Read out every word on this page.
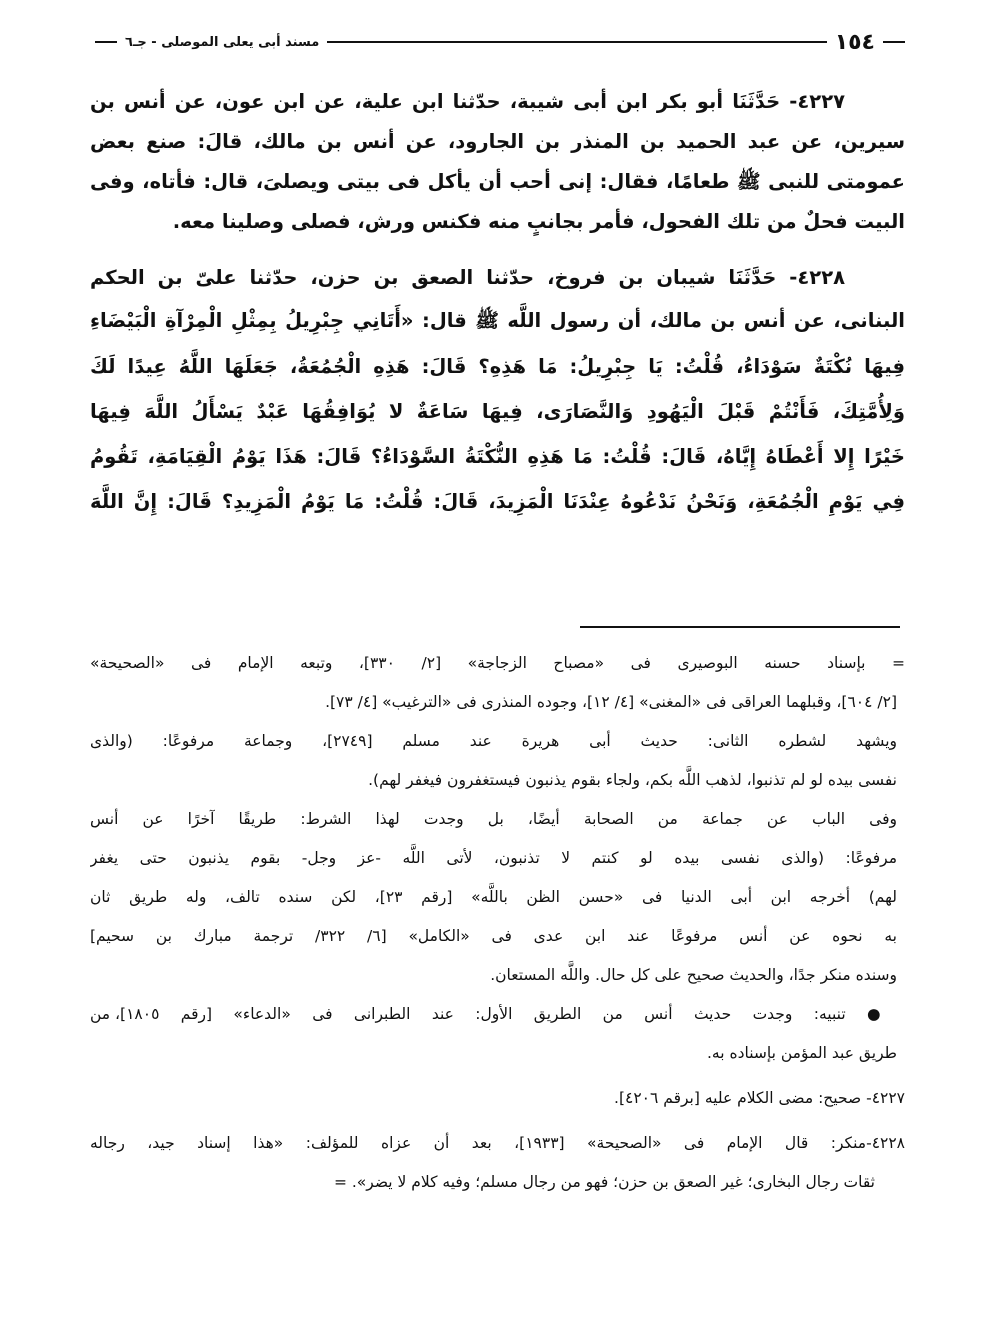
١٥٤
مسند أبى يعلى الموصلى - جـ٦
٤٢٢٧- حَدَّثَنَا أبو بكر ابن أبى شيبة، حدّثنا ابن علية، عن ابن عون، عن أنس بن
سيرين، عن عبد الحميد بن المنذر بن الجارود، عن أنس بن مالك، قالَ: صنع بعض
عمومتى للنبى ﷺ طعامًا، فقال: إنى أحب أن يأكل فى بيتى ويصلىَ، قال: فأتاه، وفى
البيت فحلٌ من تلك الفحول، فأمر بجانبٍ منه فكنس ورش، فصلى وصلينا معه.
٤٢٢٨- حَدَّثَنَا شيبان بن فروخ، حدّثنا الصعق بن حزن، حدّثنا علىّ بن الحكم
البنانى، عن أنس بن مالك، أن رسول اللَّه ﷺ قال: «أَتَانِي جِبْرِيلُ بِمِثْلِ الْمِرْآةِ الْبَيْضَاءِ
فِيهَا نُكْتَةٌ سَوْدَاءُ، قُلْتُ: يَا جِبْرِيلُ: مَا هَذِهِ؟ قَالَ: هَذِهِ الْجُمُعَةُ، جَعَلَهَا اللَّهُ عِيدًا لَكَ
وَلِأُمَّتِكَ، فَأَنْتُمْ قَبْلَ الْيَهُودِ وَالنَّصَارَى، فِيهَا سَاعَةٌ لا يُوَافِقُهَا عَبْدٌ يَسْأَلُ اللَّهَ فِيهَا
خَيْرًا إِلا أَعْطَاهُ إِيَّاهُ، قَالَ: قُلْتُ: مَا هَذِهِ النُّكْتَةُ السَّوْدَاءُ؟ قَالَ: هَذَا يَوْمُ الْقِيَامَةِ، تَقُومُ
فِي يَوْمِ الْجُمُعَةِ، وَنَحْنُ نَدْعُوهُ عِنْدَنَا الْمَزِيدَ، قَالَ: قُلْتُ: مَا يَوْمُ الْمَزِيدِ؟ قَالَ: إِنَّ اللَّهَ
= بإسناد حسنه البوصيرى فى «مصباح الزجاجة» [٢/ ٣٣٠]، وتبعه الإمام فى «الصحيحة»
[٢/ ٦٠٤]، وقبلهما العراقى فى «المغنى» [٤/ ١٢]، وجوده المنذرى فى «الترغيب» [٤/ ٧٣].
ويشهد لشطره الثانى: حديث أبى هريرة عند مسلم [٢٧٤٩]، وجماعة مرفوعًا: (والذى
نفسى بيده لو لم تذنبوا، لذهب اللَّه بكم، ولجاء بقوم يذنبون فيستغفرون فيغفر لهم).
وفى الباب عن جماعة من الصحابة أيضًا، بل وجدت لهذا الشرط: طريقًا آخرًا عن أنس
مرفوعًا: (والذى نفسى بيده لو كنتم لا تذنبون، لأتى اللَّه -عز وجل- بقوم يذنبون حتى يغفر
لهم) أخرجه ابن أبى الدنيا فى «حسن الظن باللَّه» [رقم ٢٣]، لكن سنده تالف، وله طريق ثان
به نحوه عن أنس مرفوعًا عند ابن عدى فى «الكامل» [٦/ ٣٢٢/ ترجمة مبارك بن سحيم]
وسنده منكر جدًا، والحديث صحيح على كل حال. واللَّه المستعان.
● تنبيه: وجدت حديث أنس من الطريق الأول: عند الطبرانى فى «الدعاء» [رقم ١٨٠٥]، من
طريق عبد المؤمن بإسناده به.
٤٢٢٧- صحيح: مضى الكلام عليه [برقم ٤٢٠٦].
٤٢٢٨-منكر: قال الإمام فى «الصحيحة» [١٩٣٣]، بعد أن عزاه للمؤلف: «هذا إسناد جيد، رجاله
ثقات رجال البخارى؛ غير الصعق بن حزن؛ فهو من رجال مسلم؛ وفيه كلام لا يضر». =
